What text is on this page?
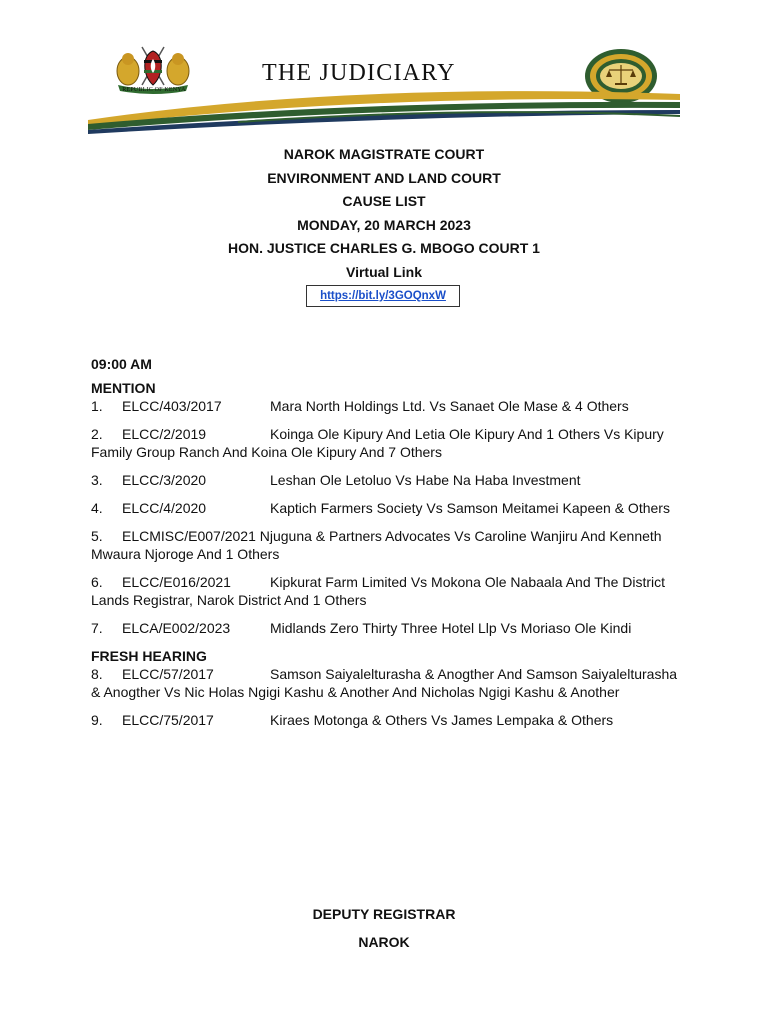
REPUBLIC OF KENYA
THE JUDICIARY

NAROK MAGISTRATE COURT

ENVIRONMENT AND LAND COURT

CAUSE LIST

MONDAY, 20 MARCH 2023

HON. JUSTICE CHARLES G. MBOGO COURT 1

Virtual Link

https://bit.ly/3GOQnxW

09:00 AM

MENTION

1. ELCC/403/2017	Mara North Holdings Ltd. Vs Sanaet Ole Mase & 4 Others

2. ELCC/2/2019	Koinga Ole Kipury And Letia Ole Kipury And 1 Others Vs Kipury Family Group Ranch And Koina Ole Kipury And 7 Others

3. ELCC/3/2020	Leshan Ole Letoluo Vs Habe Na Haba Investment

4. ELCC/4/2020	Kaptich Farmers Society Vs Samson Meitamei Kapeen & Others

5. ELCMISC/E007/2021 Njuguna & Partners Advocates Vs Caroline Wanjiru And Kenneth Mwaura Njoroge And 1 Others

6. ELCC/E016/2021	Kipkurat Farm Limited Vs Mokona Ole Nabaala And The District Lands Registrar, Narok District And 1 Others

7. ELCA/E002/2023	Midlands Zero Thirty Three Hotel Llp Vs Moriaso Ole Kindi

FRESH HEARING

8. ELCC/57/2017	Samson Saiyalelturasha & Anogther And Samson Saiyalelturasha & Anogther Vs Nic Holas Ngigi Kashu & Another And Nicholas Ngigi Kashu & Another

9. ELCC/75/2017	Kiraes Motonga & Others Vs James Lempaka & Others

DEPUTY REGISTRAR

NAROK
